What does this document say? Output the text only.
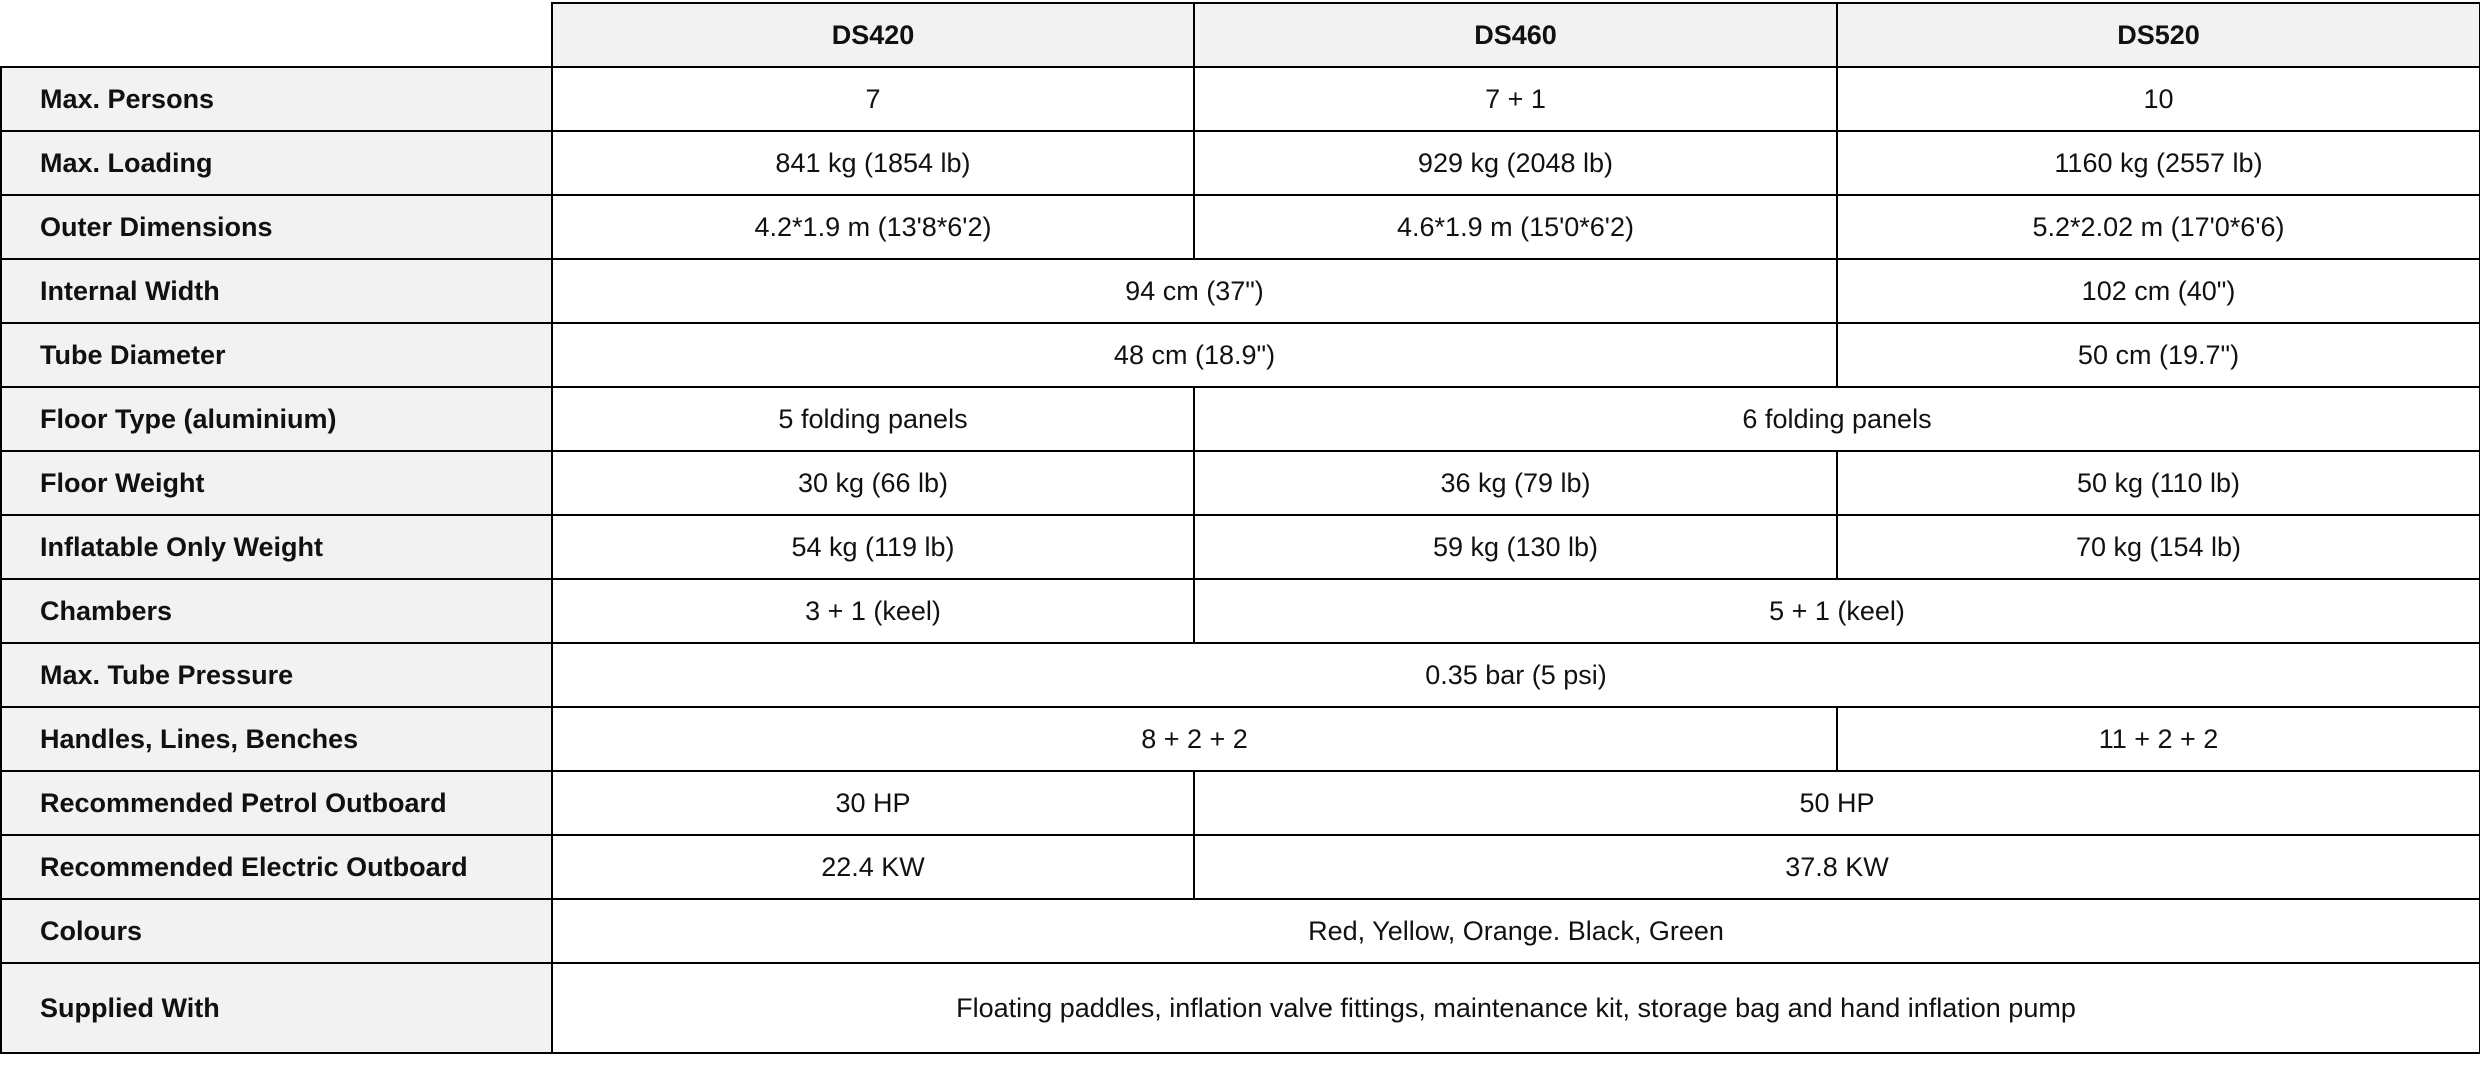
	DS420	DS460	DS520
Max. Persons	7	7 + 1	10
Max. Loading	841 kg (1854 lb)	929 kg (2048 lb)	1160 kg (2557 lb)
Outer Dimensions	4.2*1.9 m (13'8*6'2)	4.6*1.9 m (15'0*6'2)	5.2*2.02 m (17'0*6'6)
Internal Width	94 cm (37")		102 cm (40")
Tube Diameter	48 cm (18.9")		50 cm (19.7")
Floor Type (aluminium)	5 folding panels	6 folding panels	
Floor Weight	30 kg (66 lb)	36 kg (79 lb)	50 kg (110 lb)
Inflatable Only Weight	54 kg (119 lb)	59 kg (130 lb)	70 kg (154 lb)
Chambers	3 + 1 (keel)	5 + 1 (keel)	
Max. Tube Pressure	0.35 bar (5 psi)		
Handles, Lines, Benches	8 + 2 + 2		11 + 2 + 2
Recommended Petrol Outboard	30 HP	50 HP	
Recommended Electric Outboard	22.4 KW	37.8 KW	
Colours	Red, Yellow, Orange. Black, Green		
Supplied With	Floating paddles, inflation valve fittings, maintenance kit, storage bag and hand inflation pump		
